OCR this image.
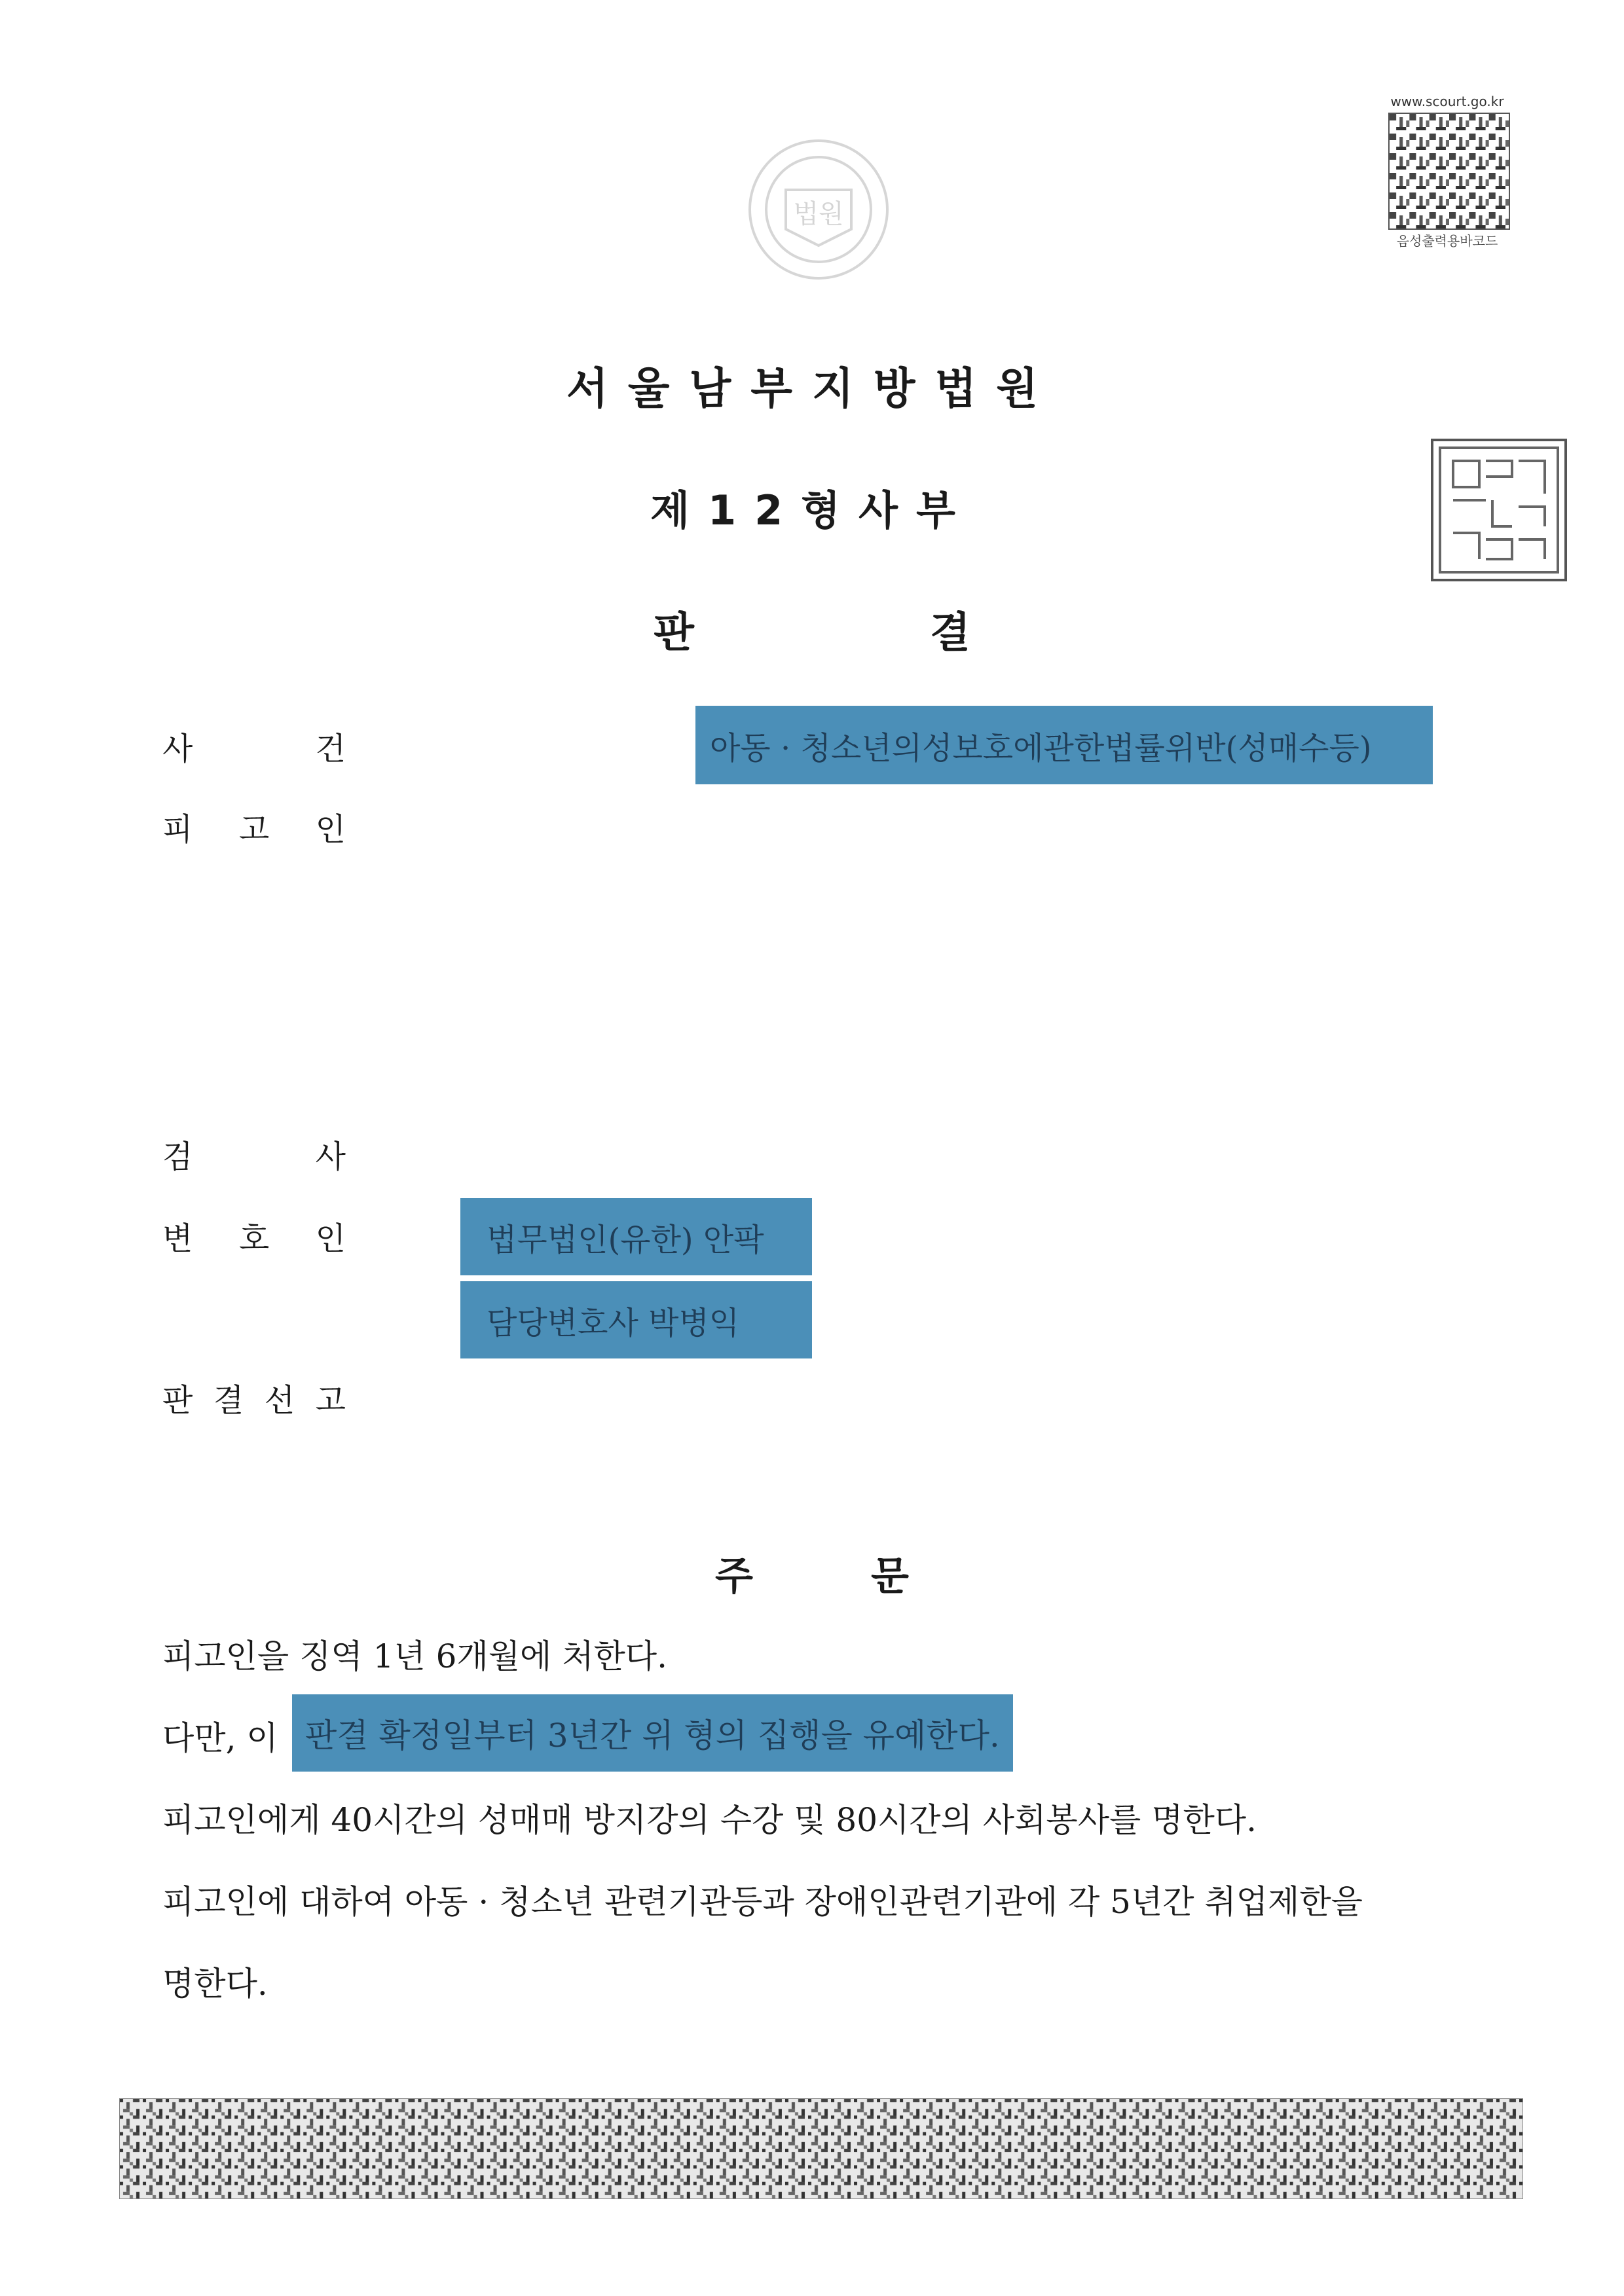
법원
www.scourt.go.kr
음성출력용바코드
서울남부지방법원
제12형사부
판	결
사	건	아동 · 청소년의성보호에관한법률위반(성매수등)
피 고 인
검	사
변 호 인	법무법인(유한) 안팍
담당변호사 박병익
판 결 선 고
주	문
피고인을 징역 1년 6개월에 처한다.
다만, 이 판결 확정일부터 3년간 위 형의 집행을 유예한다.
피고인에게 40시간의 성매매 방지강의 수강 및 80시간의 사회봉사를 명한다.
피고인에 대하여 아동 · 청소년 관련기관등과 장애인관련기관에 각 5년간 취업제한을
명한다.
